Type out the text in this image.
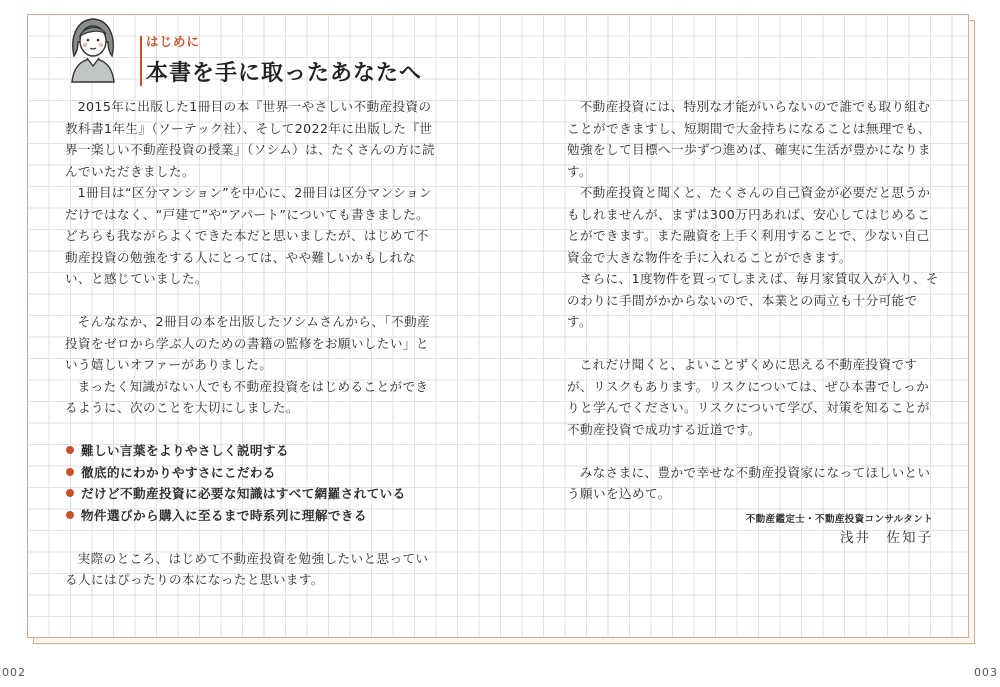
はじめに
本書を手に取ったあなたへ

2015年に出版した1冊目の本『世界一やさしい不動産投資の教科書1年生』（ソーテック社）、そして2022年に出版した『世界一楽しい不動産投資の授業』（ソシム）は、たくさんの方に読んでいただきました。

1冊目は“区分マンション”を中心に、2冊目は区分マンションだけではなく、“戸建て”や“アパート”についても書きました。どちらも我ながらよくできた本だと思いましたが、はじめて不動産投資の勉強をする人にとっては、やや難しいかもしれない、と感じていました。

そんななか、2冊目の本を出版したソシムさんから、「不動産投資をゼロから学ぶ人のための書籍の監修をお願いしたい」という嬉しいオファーがありました。

まったく知識がない人でも不動産投資をはじめることができるように、次のことを大切にしました。

難しい言葉をよりやさしく説明する
徹底的にわかりやすさにこだわる
だけど不動産投資に必要な知識はすべて網羅されている
物件選びから購入に至るまで時系列に理解できる

実際のところ、はじめて不動産投資を勉強したいと思っている人にはぴったりの本になったと思います。

不動産投資には、特別な才能がいらないので誰でも取り組むことができますし、短期間で大金持ちになることは無理でも、勉強をして目標へ一歩ずつ進めば、確実に生活が豊かになります。

不動産投資と聞くと、たくさんの自己資金が必要だと思うかもしれませんが、まずは300万円あれば、安心してはじめることができます。また融資を上手く利用することで、少ない自己資金で大きな物件を手に入れることができます。

さらに、1度物件を買ってしまえば、毎月家賃収入が入り、そのわりに手間がかからないので、本業との両立も十分可能です。

これだけ聞くと、よいことずくめに思える不動産投資ですが、リスクもあります。リスクについては、ぜひ本書でしっかりと学んでください。リスクについて学び、対策を知ることが不動産投資で成功する近道です。

みなさまに、豊かで幸せな不動産投資家になってほしいという願いを込めて。

不動産鑑定士・不動産投資コンサルタント
浅井　佐知子
002	003
